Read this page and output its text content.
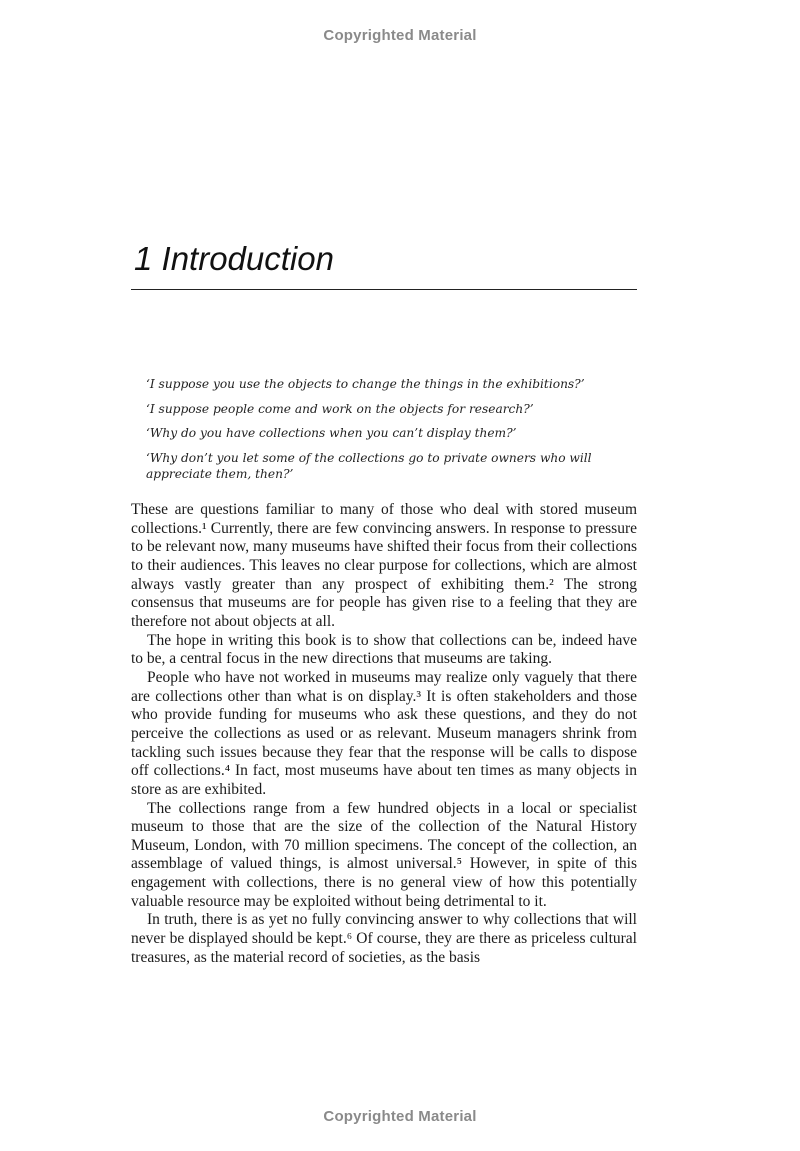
Copyrighted Material
1 Introduction

‘I suppose you use the objects to change the things in the exhibitions?’

‘I suppose people come and work on the objects for research?’

‘Why do you have collections when you can’t display them?’

‘Why don’t you let some of the collections go to private owners who will appreciate them, then?’

These are questions familiar to many of those who deal with stored museum collections.¹ Currently, there are few convincing answers. In response to pressure to be relevant now, many museums have shifted their focus from their collections to their audiences. This leaves no clear purpose for collections, which are almost always vastly greater than any prospect of exhibiting them.² The strong consensus that museums are for people has given rise to a feeling that they are therefore not about objects at all.

The hope in writing this book is to show that collections can be, indeed have to be, a central focus in the new directions that museums are taking.

People who have not worked in museums may realize only vaguely that there are collections other than what is on display.³ It is often stakeholders and those who provide funding for museums who ask these questions, and they do not perceive the collections as used or as relevant. Museum managers shrink from tackling such issues because they fear that the response will be calls to dispose off collections.⁴ In fact, most museums have about ten times as many objects in store as are exhibited.

The collections range from a few hundred objects in a local or specialist museum to those that are the size of the collection of the Natural History Museum, London, with 70 million specimens. The concept of the collection, an assemblage of valued things, is almost universal.⁵ However, in spite of this engagement with collections, there is no general view of how this potentially valuable resource may be exploited without being detrimental to it.

In truth, there is as yet no fully convincing answer to why collections that will never be displayed should be kept.⁶ Of course, they are there as priceless cultural treasures, as the material record of societies, as the basis

Copyrighted Material
